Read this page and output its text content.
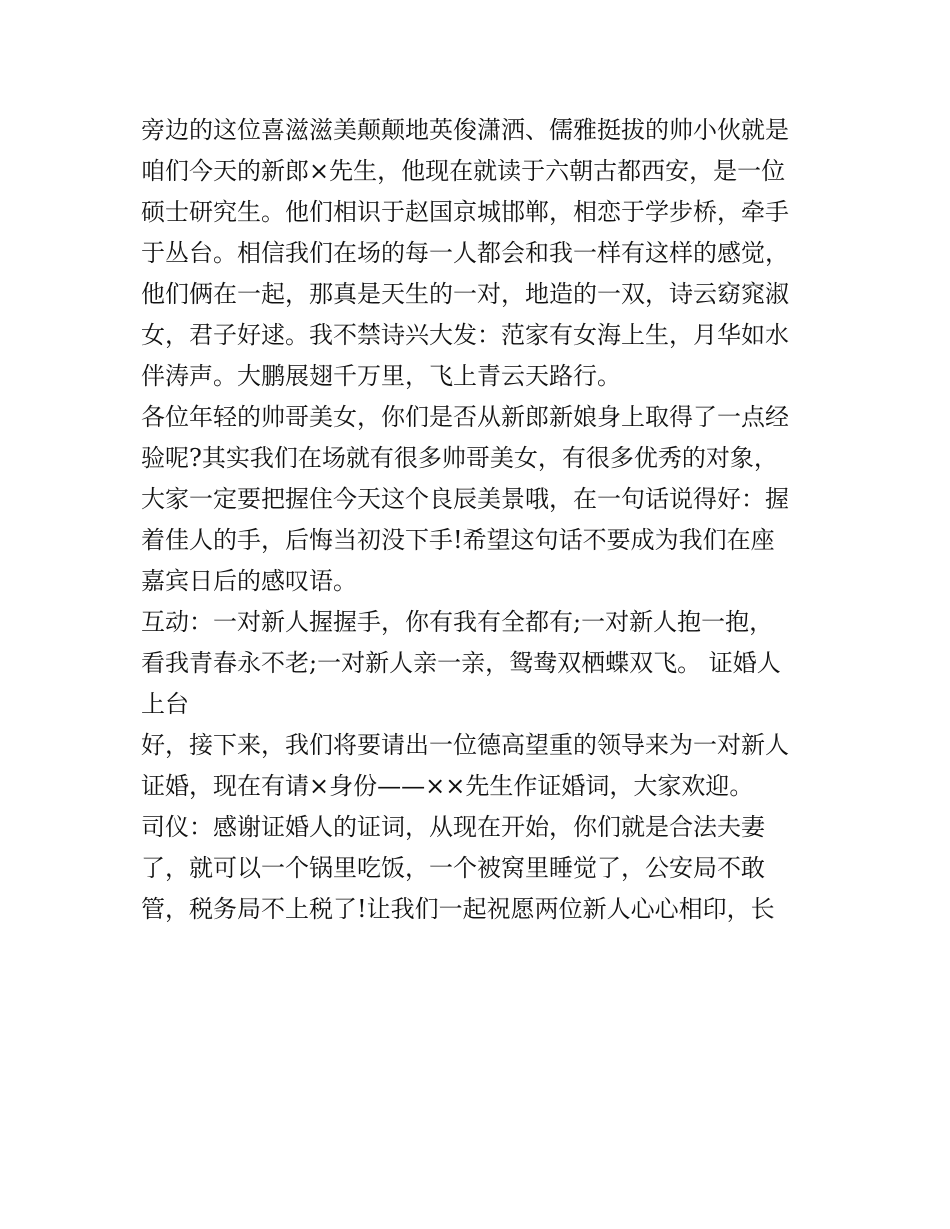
旁边的这位喜滋滋美颠颠地英俊潇洒、儒雅挺拔的帅小伙就是
咱们今天的新郎×先生，他现在就读于六朝古都西安，是一位
硕士研究生。他们相识于赵国京城邯郸，相恋于学步桥，牵手
于丛台。相信我们在场的每一人都会和我一样有这样的感觉，
他们俩在一起，那真是天生的一对，地造的一双，诗云窈窕淑
女，君子好逑。我不禁诗兴大发：范家有女海上生，月华如水
伴涛声。大鹏展翅千万里，飞上青云天路行。
各位年轻的帅哥美女，你们是否从新郎新娘身上取得了一点经
验呢?其实我们在场就有很多帅哥美女，有很多优秀的对象，
大家一定要把握住今天这个良辰美景哦，在一句话说得好：握
着佳人的手，后悔当初没下手!希望这句话不要成为我们在座
嘉宾日后的感叹语。
互动：一对新人握握手，你有我有全都有;一对新人抱一抱，
看我青春永不老;一对新人亲一亲，鸳鸯双栖蝶双飞。 证婚人
上台
好，接下来，我们将要请出一位德高望重的领导来为一对新人
证婚，现在有请×身份——××先生作证婚词，大家欢迎。
司仪：感谢证婚人的证词，从现在开始，你们就是合法夫妻
了，就可以一个锅里吃饭，一个被窝里睡觉了，公安局不敢
管，税务局不上税了!让我们一起祝愿两位新人心心相印，长
